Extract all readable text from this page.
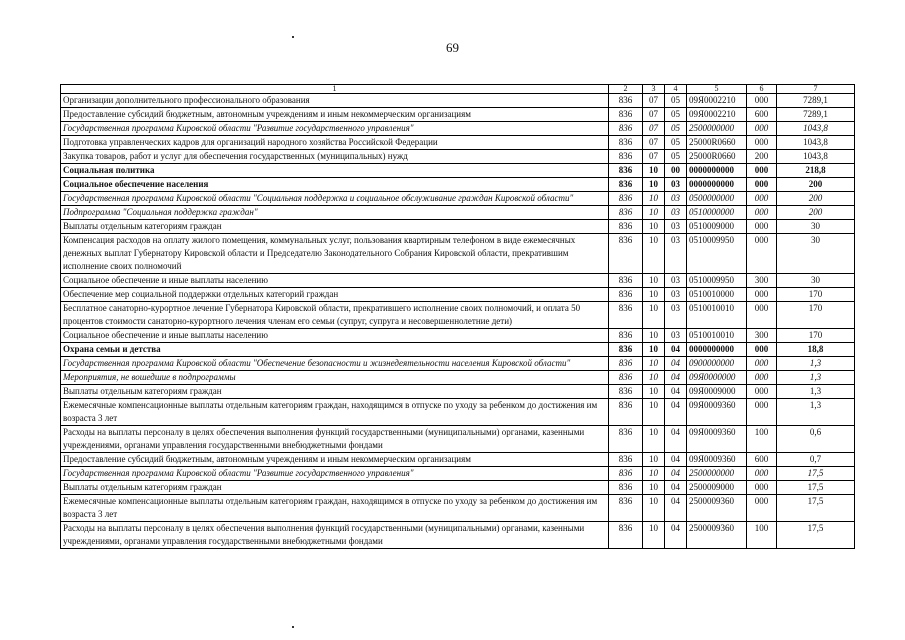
69
1	2	3	4	5	6	7
Организации дополнительного профессионального образования	836	07	05	09Я0002210	000	7289,1
Предоставление субсидий бюджетным, автономным учреждениям и иным некоммерческим организациям	836	07	05	09Я0002210	600	7289,1
Государственная программа Кировской области "Развитие государственного управления"	836	07	05	2500000000	000	1043,8
Подготовка управленческих кадров для организаций народного хозяйства Российской Федерации	836	07	05	25000R0660	000	1043,8
Закупка товаров, работ и услуг для обеспечения государственных (муниципальных) нужд	836	07	05	25000R0660	200	1043,8
Социальная политика	836	10	00	0000000000	000	218,8
Социальное обеспечение населения	836	10	03	0000000000	000	200
Государственная программа Кировской области "Социальная поддержка и социальное обслуживание граждан Кировской области"	836	10	03	0500000000	000	200
Подпрограмма "Социальная поддержка граждан"	836	10	03	0510000000	000	200
Выплаты отдельным категориям граждан	836	10	03	0510009000	000	30
Компенсация расходов на оплату жилого помещения, коммунальных услуг, пользования квартирным телефоном в виде ежемесячных денежных выплат Губернатору Кировской области и Председателю Законодательного Собрания Кировской области, прекратившим исполнение своих полномочий	836	10	03	0510009950	000	30
Социальное обеспечение и иные выплаты населению	836	10	03	0510009950	300	30
Обеспечение мер социальной поддержки отдельных категорий граждан	836	10	03	0510010000	000	170
Бесплатное санаторно-курортное лечение Губернатора Кировской области, прекратившего исполнение своих полномочий, и оплата 50 процентов стоимости санаторно-курортного лечения членам его семьи (супруг, супруга и несовершеннолетние дети)	836	10	03	0510010010	000	170
Социальное обеспечение и иные выплаты населению	836	10	03	0510010010	300	170
Охрана семьи и детства	836	10	04	0000000000	000	18,8
Государственная программа Кировской области "Обеспечение безопасности и жизнедеятельности населения Кировской области"	836	10	04	0900000000	000	1,3
Мероприятия, не вошедшие в подпрограммы	836	10	04	09Я0000000	000	1,3
Выплаты отдельным категориям граждан	836	10	04	09Я0009000	000	1,3
Ежемесячные компенсационные выплаты отдельным категориям граждан, находящимся в отпуске по уходу за ребенком до достижения им возраста 3 лет	836	10	04	09Я0009360	000	1,3
Расходы на выплаты персоналу в целях обеспечения выполнения функций государственными (муниципальными) органами, казенными учреждениями, органами управления государственными внебюджетными фондами	836	10	04	09Я0009360	100	0,6
Предоставление субсидий бюджетным, автономным учреждениям и иным некоммерческим организациям	836	10	04	09Я0009360	600	0,7
Государственная программа Кировской области "Развитие государственного управления"	836	10	04	2500000000	000	17,5
Выплаты отдельным категориям граждан	836	10	04	2500009000	000	17,5
Ежемесячные компенсационные выплаты отдельным категориям граждан, находящимся в отпуске по уходу за ребенком до достижения им возраста 3 лет	836	10	04	2500009360	000	17,5
Расходы на выплаты персоналу в целях обеспечения выполнения функций государственными (муниципальными) органами, казенными учреждениями, органами управления государственными внебюджетными фондами	836	10	04	2500009360	100	17,5
